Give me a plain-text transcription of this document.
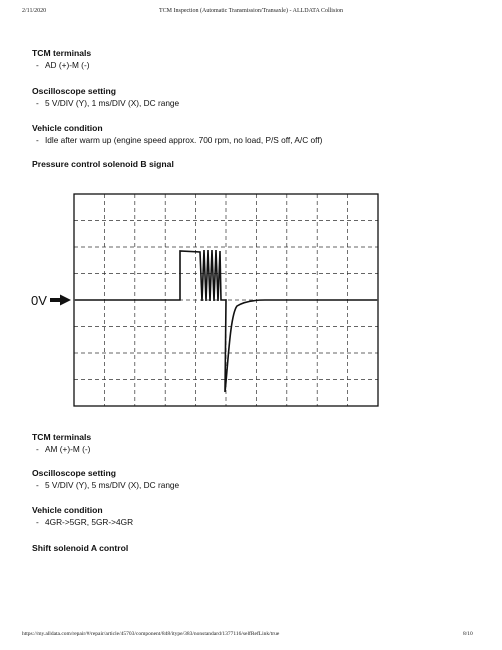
2/11/2020	TCM Inspection (Automatic Transmission/Transaxle) - ALLDATA Collision

TCM terminals

- AD (+)-M (-)

Oscilloscope setting

- 5 V/DIV (Y), 1 ms/DIV (X), DC range

Vehicle condition

- Idle after warm up (engine speed approx. 700 rpm, no load, P/S off, A/C off)

Pressure control solenoid B signal

0V

TCM terminals

- AM (+)-M (-)

Oscilloscope setting

- 5 V/DIV (Y), 5 ms/DIV (X), DC range

Vehicle condition

- 4GR->5GR, 5GR->4GR

Shift solenoid A control

https://my.alldata.com/repair/#/repair/article/45703/component/848/itype/383/nonstandard/1377116/selfRefLink/true	8/10
